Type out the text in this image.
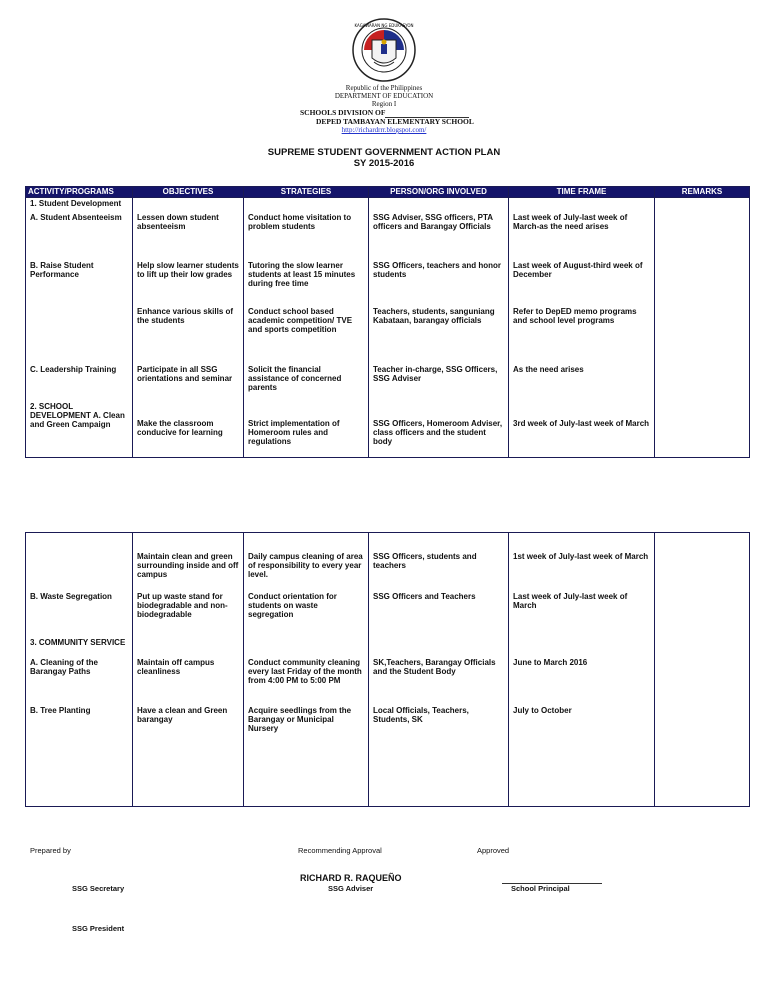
KAGAWARAN NG EDUKASYON
Republic of the Philippines
DEPARTMENT OF EDUCATION
Region I
SCHOOLS DIVISION OF
DEPED TAMBAYAN ELEMENTARY SCHOOL
http://richardrrr.blogspot.com/
SUPREME STUDENT GOVERNMENT ACTION PLAN
SY 2015-2016
ACTIVITY/PROGRAMS	OBJECTIVES	STRATEGIES	PERSON/ORG INVOLVED	TIME FRAME	REMARKS
1. Student Development					
A. Student Absenteeism	Lessen down student absenteeism	Conduct home visitation to problem students	SSG Adviser, SSG officers, PTA officers and Barangay Officials	Last week of July-last week of March-as the need arises	
B. Raise Student Performance	Help slow learner students to lift up their low grades	Tutoring the slow learner students at least 15 minutes during free time	SSG Officers, teachers and honor students	Last week of August-third week of December	
	Enhance various skills of the students	Conduct school based academic competition/ TVE and sports competition	Teachers, students, sanguniang Kabataan, barangay officials	Refer to DepED memo programs and school level programs	
C. Leadership Training	Participate in all SSG orientations and seminar	Solicit the financial assistance of concerned parents	Teacher in-charge, SSG Officers, SSG Adviser	As the need arises	

2. SCHOOL DEVELOPMENT A. Clean and Green Campaign	Make the classroom conducive for learning	Strict implementation of Homeroom rules and regulations	SSG Officers, Homeroom Adviser, class officers and the student body	3rd week of July-last week of March	

	Maintain clean and green surrounding inside and off campus	Daily campus cleaning of area of responsibility to every year level.	SSG Officers, students and teachers	1st week of July-last week of March	

B. Waste Segregation	Put up waste stand for biodegradable and non-biodegradable	Conduct orientation for students on waste segregation	SSG Officers and Teachers	Last week of July-last week of March	
3. COMMUNITY SERVICE					
A. Cleaning of the Barangay Paths	Maintain off campus cleanliness	Conduct community cleaning every last Friday of the month from 4:00 PM to 5:00 PM	SK,Teachers, Barangay Officials and the Student Body	June to March 2016	
B. Tree Planting	Have a clean and Green barangay	Acquire seedlings from the Barangay or Municipal Nursery	Local Officials, Teachers, Students, SK	July to October	
Prepared by	Recommending Approval	Approved
RICHARD R. RAQUEÑO
SSG Adviser	School Principal
SSG Secretary
SSG President
